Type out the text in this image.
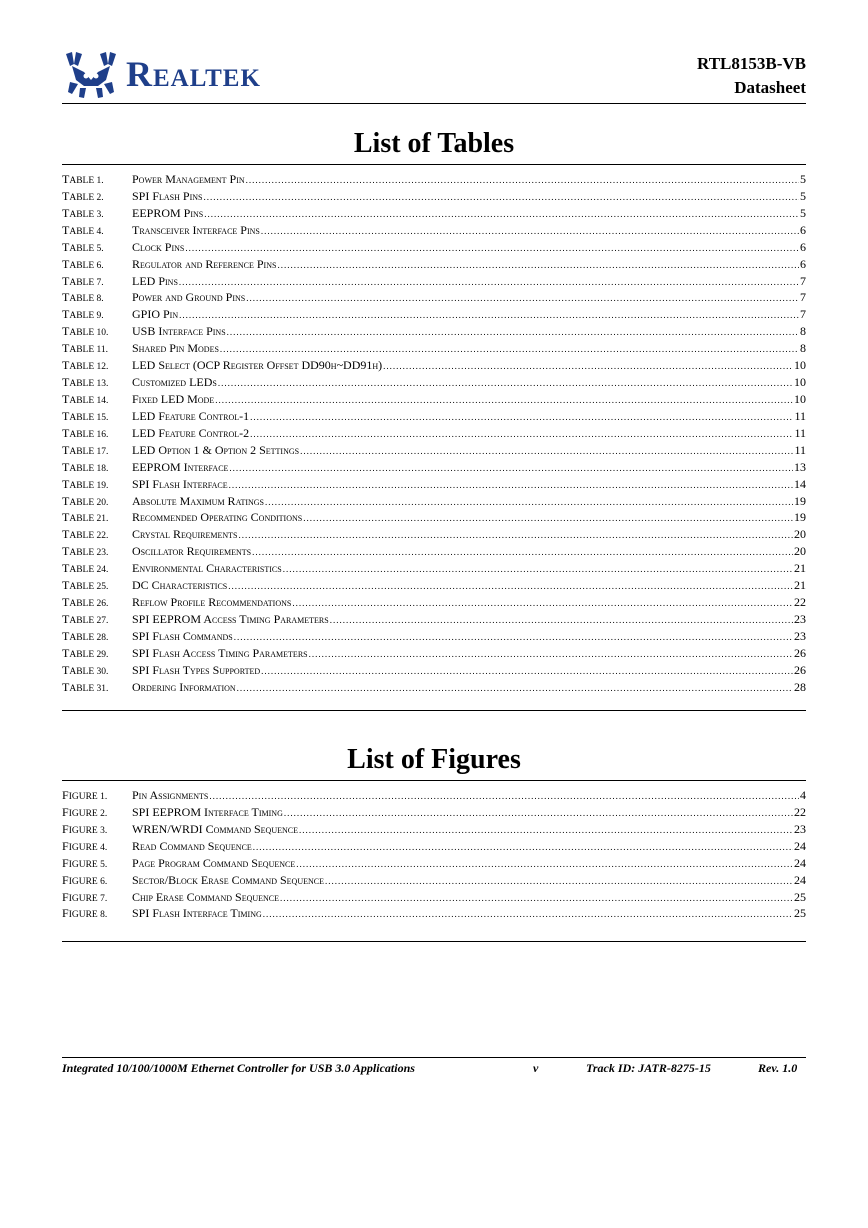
Realtek	RTL8153B-VB
Datasheet
List of Tables
TABLE 1.	Power Management Pin .....	5
TABLE 2.	SPI Flash Pins .....	5
TABLE 3.	EEPROM Pins .....	5
TABLE 4.	Transceiver Interface Pins .....	6
TABLE 5.	Clock Pins .....	6
TABLE 6.	Regulator and Reference Pins .....	6
TABLE 7.	LED Pins .....	7
TABLE 8.	Power and Ground Pins .....	7
TABLE 9.	GPIO Pin .....	7
TABLE 10.	USB Interface Pins .....	8
TABLE 11.	Shared Pin Modes .....	8
TABLE 12.	LED Select (OCP Register Offset DD90h~DD91h) .....	10
TABLE 13.	Customized LEDs .....	10
TABLE 14.	Fixed LED Mode .....	10
TABLE 15.	LED Feature Control-1 .....	11
TABLE 16.	LED Feature Control-2 .....	11
TABLE 17.	LED Option 1 & Option 2 Settings .....	11
TABLE 18.	EEPROM Interface .....	13
TABLE 19.	SPI Flash Interface .....	14
TABLE 20.	Absolute Maximum Ratings .....	19
TABLE 21.	Recommended Operating Conditions .....	19
TABLE 22.	Crystal Requirements .....	20
TABLE 23.	Oscillator Requirements .....	20
TABLE 24.	Environmental Characteristics .....	21
TABLE 25.	DC Characteristics .....	21
TABLE 26.	Reflow Profile Recommendations .....	22
TABLE 27.	SPI EEPROM Access Timing Parameters .....	23
TABLE 28.	SPI Flash Commands .....	23
TABLE 29.	SPI Flash Access Timing Parameters .....	26
TABLE 30.	SPI Flash Types Supported .....	26
TABLE 31.	Ordering Information .....	28
List of Figures
FIGURE 1.	Pin Assignments .....	4
FIGURE 2.	SPI EEPROM Interface Timing .....	22
FIGURE 3.	WREN/WRDI Command Sequence .....	23
FIGURE 4.	Read Command Sequence .....	24
FIGURE 5.	Page Program Command Sequence .....	24
FIGURE 6.	Sector/Block Erase Command Sequence .....	24
FIGURE 7.	Chip Erase Command Sequence .....	25
FIGURE 8.	SPI Flash Interface Timing .....	25
Integrated 10/100/1000M Ethernet Controller for USB 3.0 Applications	v	Track ID: JATR-8275-15	Rev. 1.0
